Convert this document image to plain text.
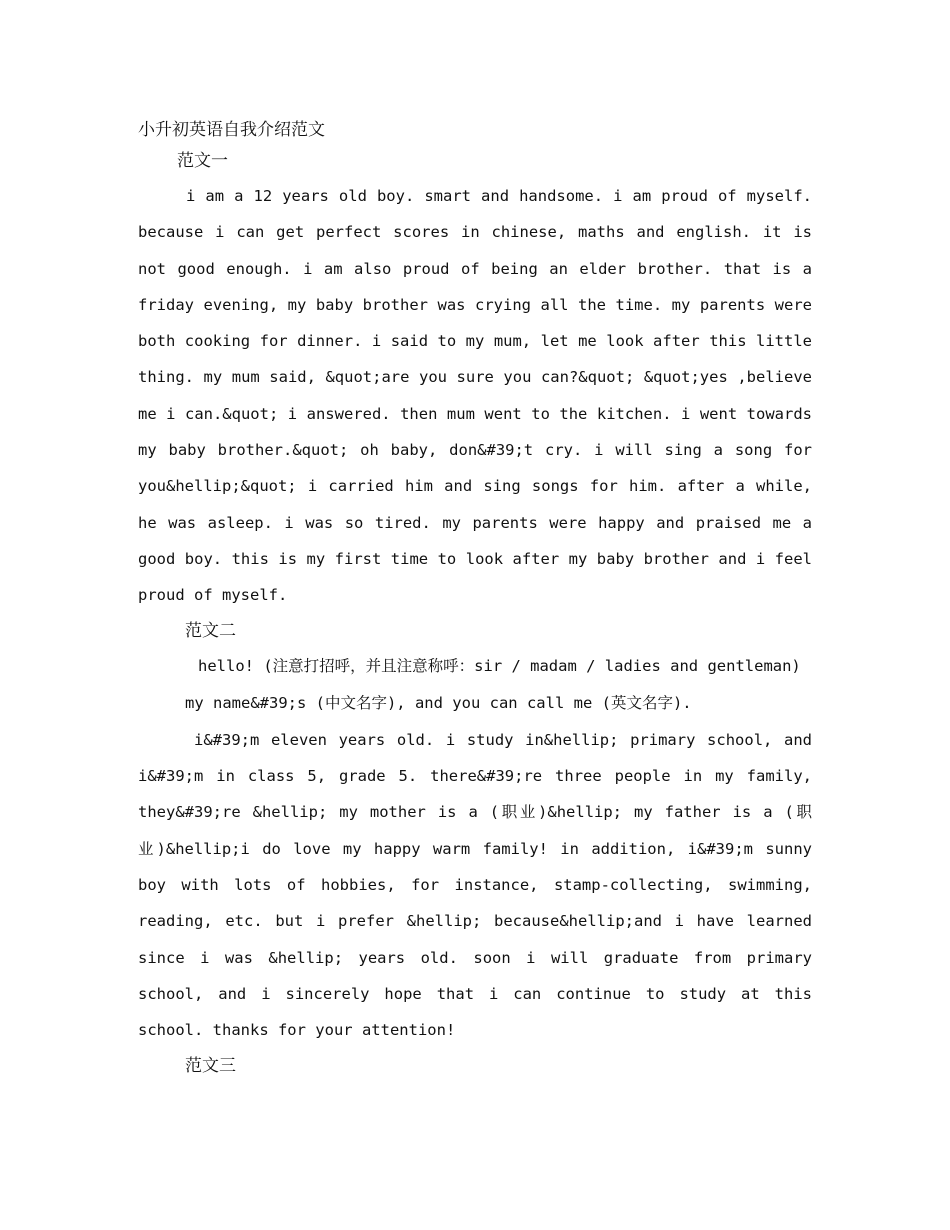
小升初英语自我介绍范文
范文一

i am a 12 years old boy. smart and handsome. i am proud of myself. because i can get perfect scores in chinese, maths and english. it is not good enough. i am also proud of being an elder brother. that is a friday evening, my baby brother was crying all the time. my parents were both cooking for dinner. i said to my mum, let me look after this little thing. my mum said, &quot;are you sure you can?&quot; &quot;yes ,believe me i can.&quot; i answered. then mum went to the kitchen. i went towards my baby brother.&quot; oh baby, don&#39;t cry. i will sing a song for you&hellip;&quot; i carried him and sing songs for him. after a while, he was asleep. i was so tired. my parents were happy and praised me a good boy. this is my first time to look after my baby brother and i feel proud of myself.

范文二

hello! (注意打招呼，并且注意称呼：sir / madam / ladies and gentleman)

my name&#39;s (中文名字), and you can call me (英文名字).

i&#39;m eleven years old. i study in&hellip; primary school, and i&#39;m in class 5, grade 5. there&#39;re three people in my family, they&#39;re &hellip; my mother is a (职业)&hellip; my father is a (职业)&hellip;i do love my happy warm family! in addition, i&#39;m sunny boy with lots of hobbies, for instance, stamp-collecting, swimming, reading, etc. but i prefer &hellip; because&hellip;and i have learned since i was &hellip; years old. soon i will graduate from primary school, and i sincerely hope that i can continue to study at this school. thanks for your attention!

范文三
